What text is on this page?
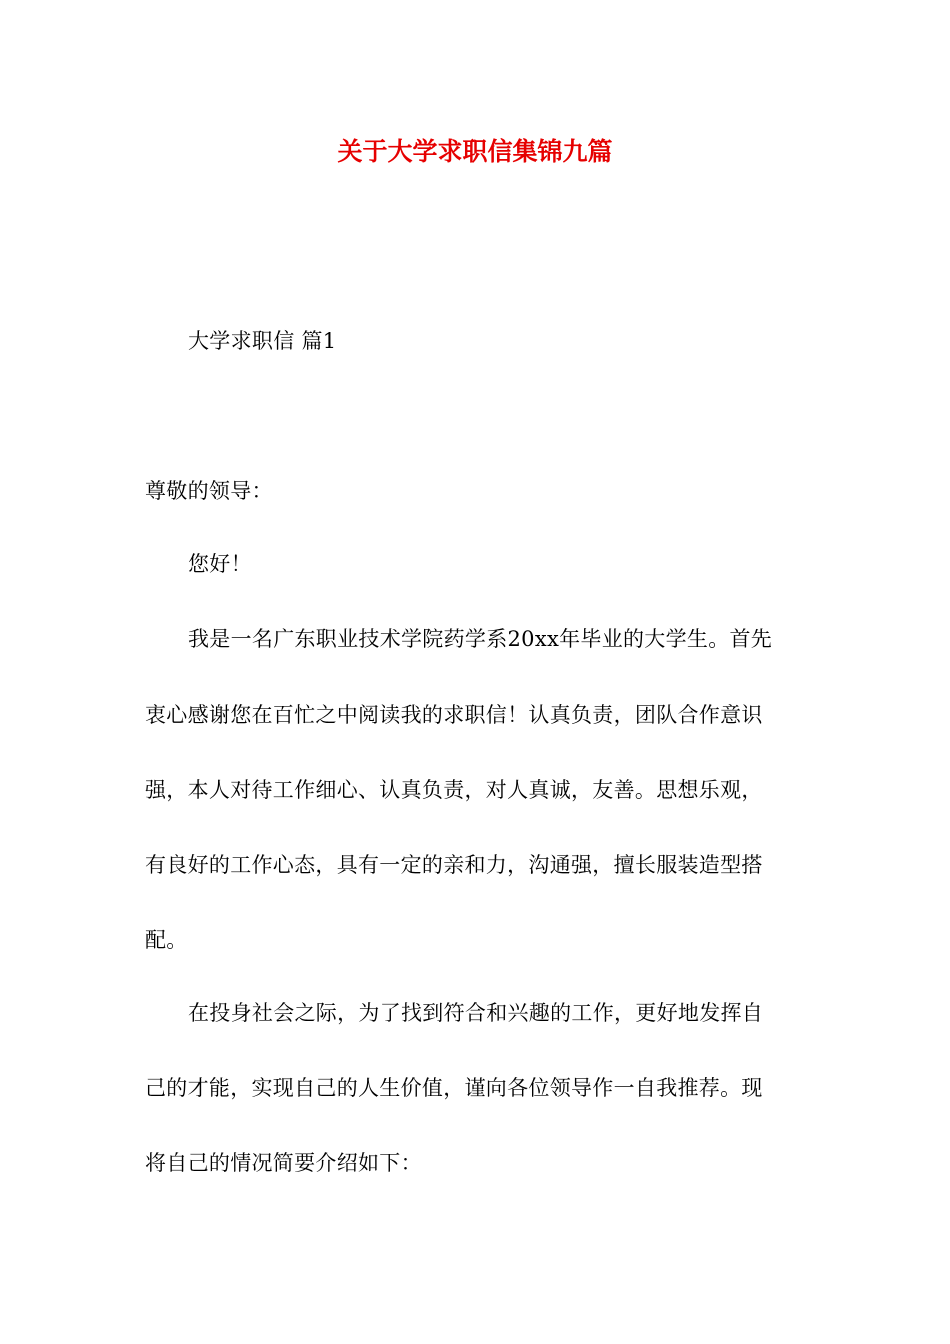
关于大学求职信集锦九篇
大学求职信 篇1
尊敬的领导：
您好！
我是一名广东职业技术学院药学系20xx年毕业的大学生。首先
衷心感谢您在百忙之中阅读我的求职信！认真负责，团队合作意识
强，本人对待工作细心、认真负责，对人真诚，友善。思想乐观，
有良好的工作心态，具有一定的亲和力，沟通强，擅长服装造型搭
配。
在投身社会之际，为了找到符合和兴趣的工作，更好地发挥自
己的才能，实现自己的人生价值，谨向各位领导作一自我推荐。现
将自己的情况简要介绍如下：
